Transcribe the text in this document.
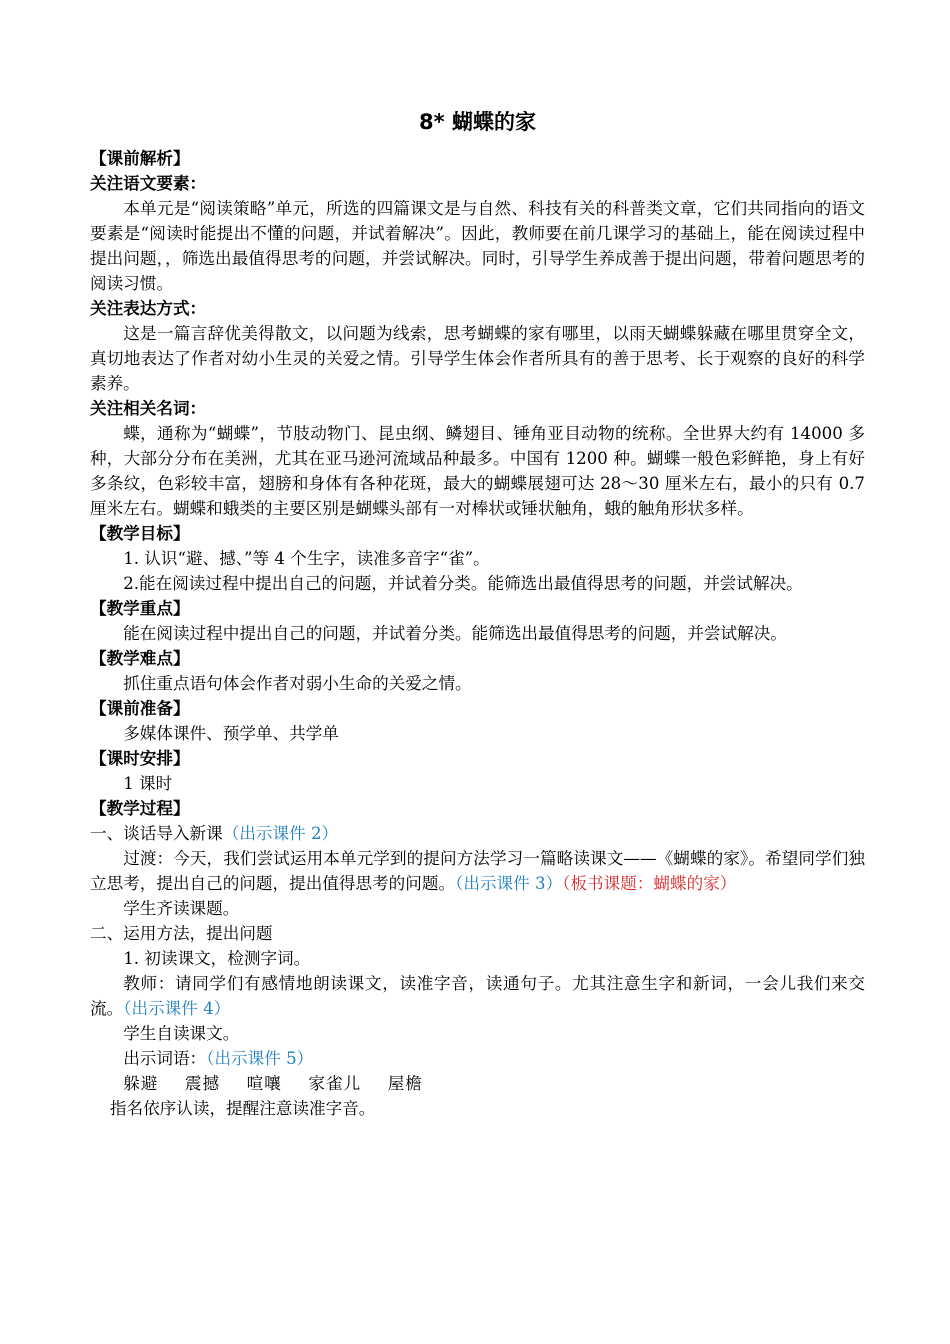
8* 蝴蝶的家

【课前解析】

关注语文要素：

本单元是“阅读策略”单元，所选的四篇课文是与自然、科技有关的科普类文章，它们共同指向的语文要素是“阅读时能提出不懂的问题，并试着解决”。因此，教师要在前几课学习的基础上，能在阅读过程中提出问题，，筛选出最值得思考的问题，并尝试解决。同时，引导学生养成善于提出问题，带着问题思考的阅读习惯。

关注表达方式：

这是一篇言辞优美得散文，以问题为线索，思考蝴蝶的家有哪里，以雨天蝴蝶躲藏在哪里贯穿全文，真切地表达了作者对幼小生灵的关爱之情。引导学生体会作者所具有的善于思考、长于观察的良好的科学素养。

关注相关名词：

蝶，通称为“蝴蝶”，节肢动物门、昆虫纲、鳞翅目、锤角亚目动物的统称。全世界大约有 14000 多种，大部分分布在美洲，尤其在亚马逊河流域品种最多。中国有 1200 种。蝴蝶一般色彩鲜艳，身上有好多条纹，色彩较丰富，翅膀和身体有各种花斑，最大的蝴蝶展翅可达 28～30 厘米左右，最小的只有 0.7 厘米左右。蝴蝶和蛾类的主要区别是蝴蝶头部有一对棒状或锤状触角，蛾的触角形状多样。

【教学目标】

1. 认识“避、撼、”等 4 个生字，读准多音字“雀”。

2.能在阅读过程中提出自己的问题，并试着分类。能筛选出最值得思考的问题，并尝试解决。

【教学重点】

能在阅读过程中提出自己的问题，并试着分类。能筛选出最值得思考的问题，并尝试解决。

【教学难点】

抓住重点语句体会作者对弱小生命的关爱之情。

【课前准备】

多媒体课件、预学单、共学单

【课时安排】

1 课时

【教学过程】

一、谈话导入新课（出示课件 2）

过渡：今天，我们尝试运用本单元学到的提问方法学习一篇略读课文——《蝴蝶的家》。希望同学们独立思考，提出自己的问题，提出值得思考的问题。（出示课件 3）（板书课题：蝴蝶的家）

学生齐读课题。

二、运用方法，提出问题

1. 初读课文，检测字词。

教师：请同学们有感情地朗读课文，读准字音，读通句子。尤其注意生字和新词，一会儿我们来交流。（出示课件 4）

学生自读课文。

出示词语：（出示课件 5）

躲避 震撼 喧嚷 家雀儿 屋檐

指名依序认读，提醒注意读准字音。
